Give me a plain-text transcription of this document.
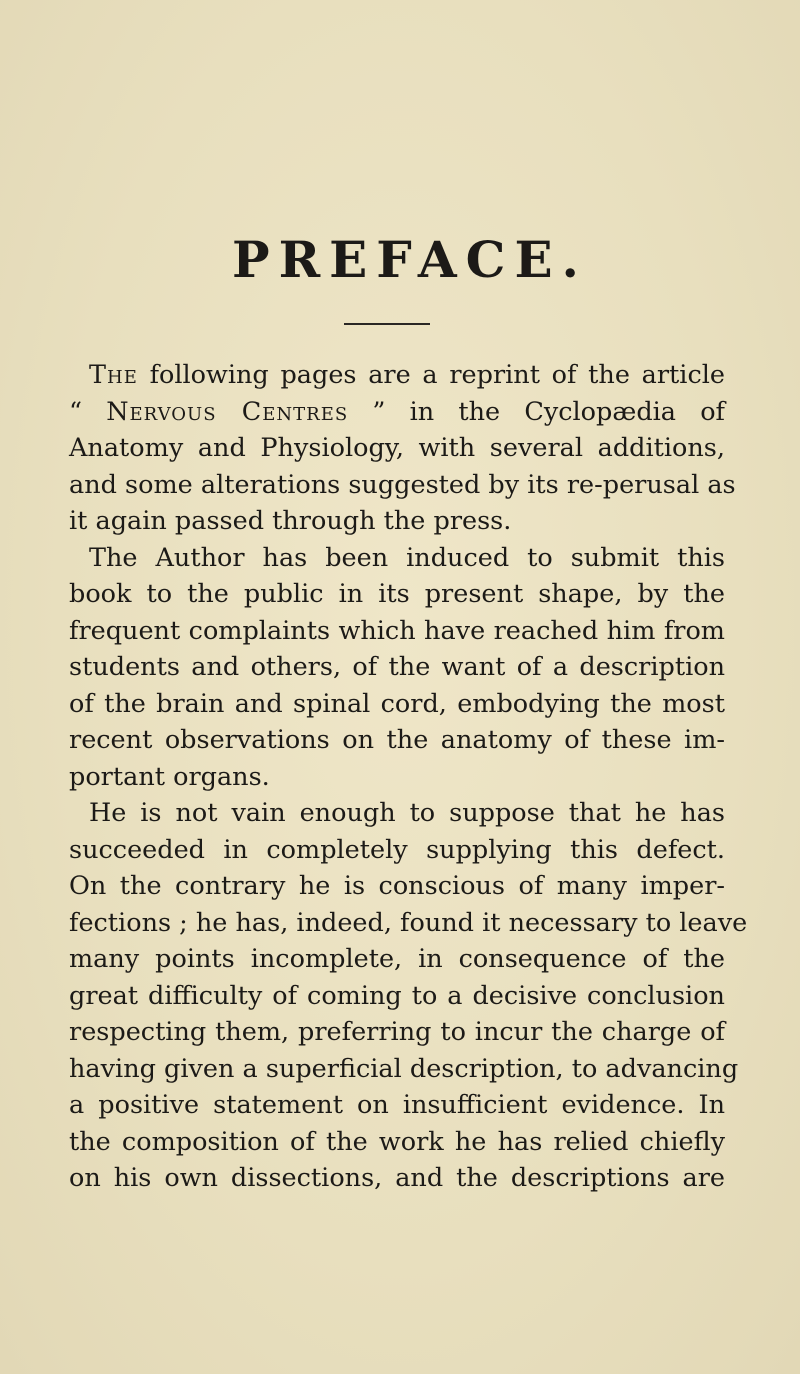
PREFACE.
The following pages are a reprint of the article
“ Nervous Centres ” in the Cyclopædia of
Anatomy and Physiology, with several additions,
and some alterations suggested by its re-perusal as
it again passed through the press.
The Author has been induced to submit this
book to the public in its present shape, by the
frequent complaints which have reached him from
students and others, of the want of a description
of the brain and spinal cord, embodying the most
recent observations on the anatomy of these im-
portant organs.
He is not vain enough to suppose that he has
succeeded in completely supplying this defect.
On the contrary he is conscious of many imper-
fections ; he has, indeed, found it necessary to leave
many points incomplete, in consequence of the
great difficulty of coming to a decisive conclusion
respecting them, preferring to incur the charge of
having given a superficial description, to advancing
a positive statement on insufficient evidence. In
the composition of the work he has relied chiefly
on his own dissections, and the descriptions are
